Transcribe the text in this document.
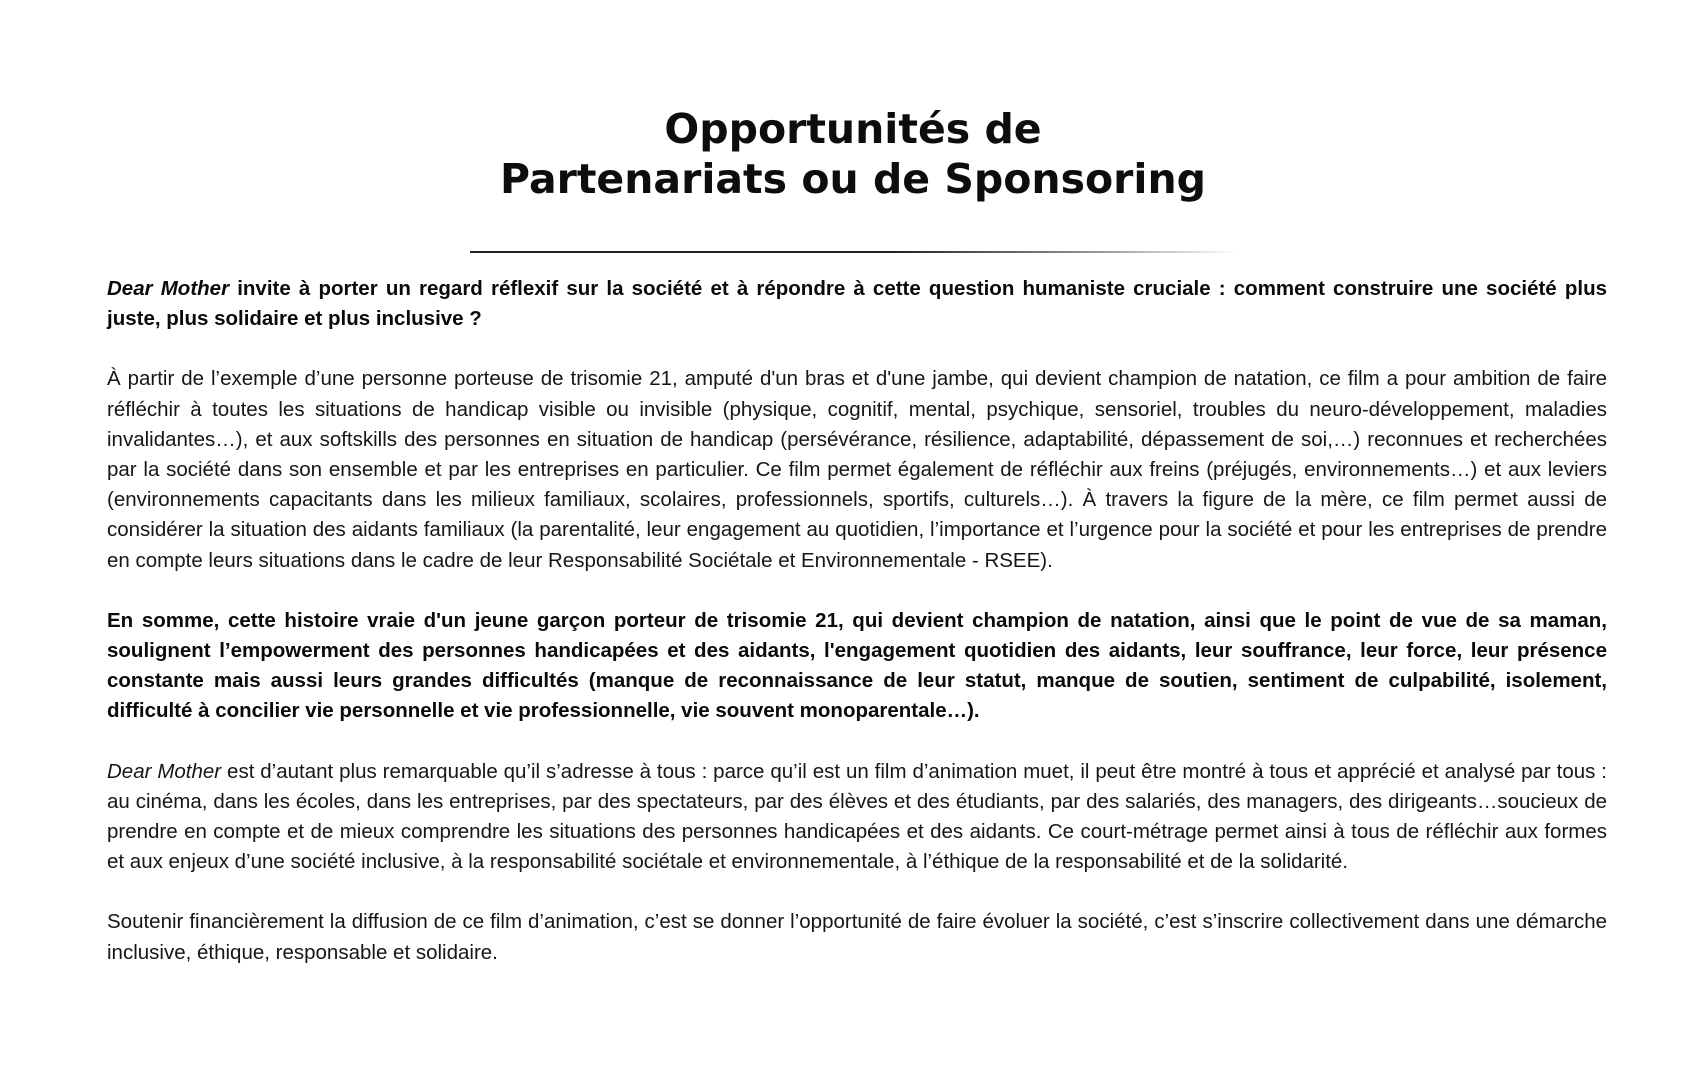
Opportunités de
Partenariats ou de Sponsoring

Dear Mother invite à porter un regard réflexif sur la société et à répondre à cette question humaniste cruciale : comment construire une société plus juste, plus solidaire et plus inclusive ?

À partir de l’exemple d’une personne porteuse de trisomie 21, amputé d'un bras et d'une jambe, qui devient champion de natation, ce film a pour ambition de faire réfléchir à toutes les situations de handicap visible ou invisible (physique, cognitif, mental, psychique, sensoriel, troubles du neuro-développement, maladies invalidantes…), et aux softskills des personnes en situation de handicap (persévérance, résilience, adaptabilité, dépassement de soi,…) reconnues et recherchées par la société dans son ensemble et par les entreprises en particulier. Ce film permet également de réfléchir aux freins (préjugés, environnements…) et aux leviers (environnements capacitants dans les milieux familiaux, scolaires, professionnels, sportifs, culturels…). À travers la figure de la mère, ce film permet aussi de considérer la situation des aidants familiaux (la parentalité, leur engagement au quotidien, l’importance et l’urgence pour la société et pour les entreprises de prendre en compte leurs situations dans le cadre de leur Responsabilité Sociétale et Environnementale - RSEE).

En somme, cette histoire vraie d'un jeune garçon porteur de trisomie 21, qui devient champion de natation, ainsi que le point de vue de sa maman, soulignent l’empowerment des personnes handicapées et des aidants, l'engagement quotidien des aidants, leur souffrance, leur force, leur présence constante mais aussi leurs grandes difficultés (manque de reconnaissance de leur statut, manque de soutien, sentiment de culpabilité, isolement, difficulté à concilier vie personnelle et vie professionnelle, vie souvent monoparentale…).

Dear Mother est d’autant plus remarquable qu’il s’adresse à tous : parce qu’il est un film d’animation muet, il peut être montré à tous et apprécié et analysé par tous : au cinéma, dans les écoles, dans les entreprises, par des spectateurs, par des élèves et des étudiants, par des salariés, des managers, des dirigeants…soucieux de prendre en compte et de mieux comprendre les situations des personnes handicapées et des aidants. Ce court-métrage permet ainsi à tous de réfléchir aux formes et aux enjeux d’une société inclusive, à la responsabilité sociétale et environnementale, à l’éthique de la responsabilité et de la solidarité.

Soutenir financièrement la diffusion de ce film d’animation, c’est se donner l’opportunité de faire évoluer la société, c’est s’inscrire collectivement dans une démarche inclusive, éthique, responsable et solidaire.
